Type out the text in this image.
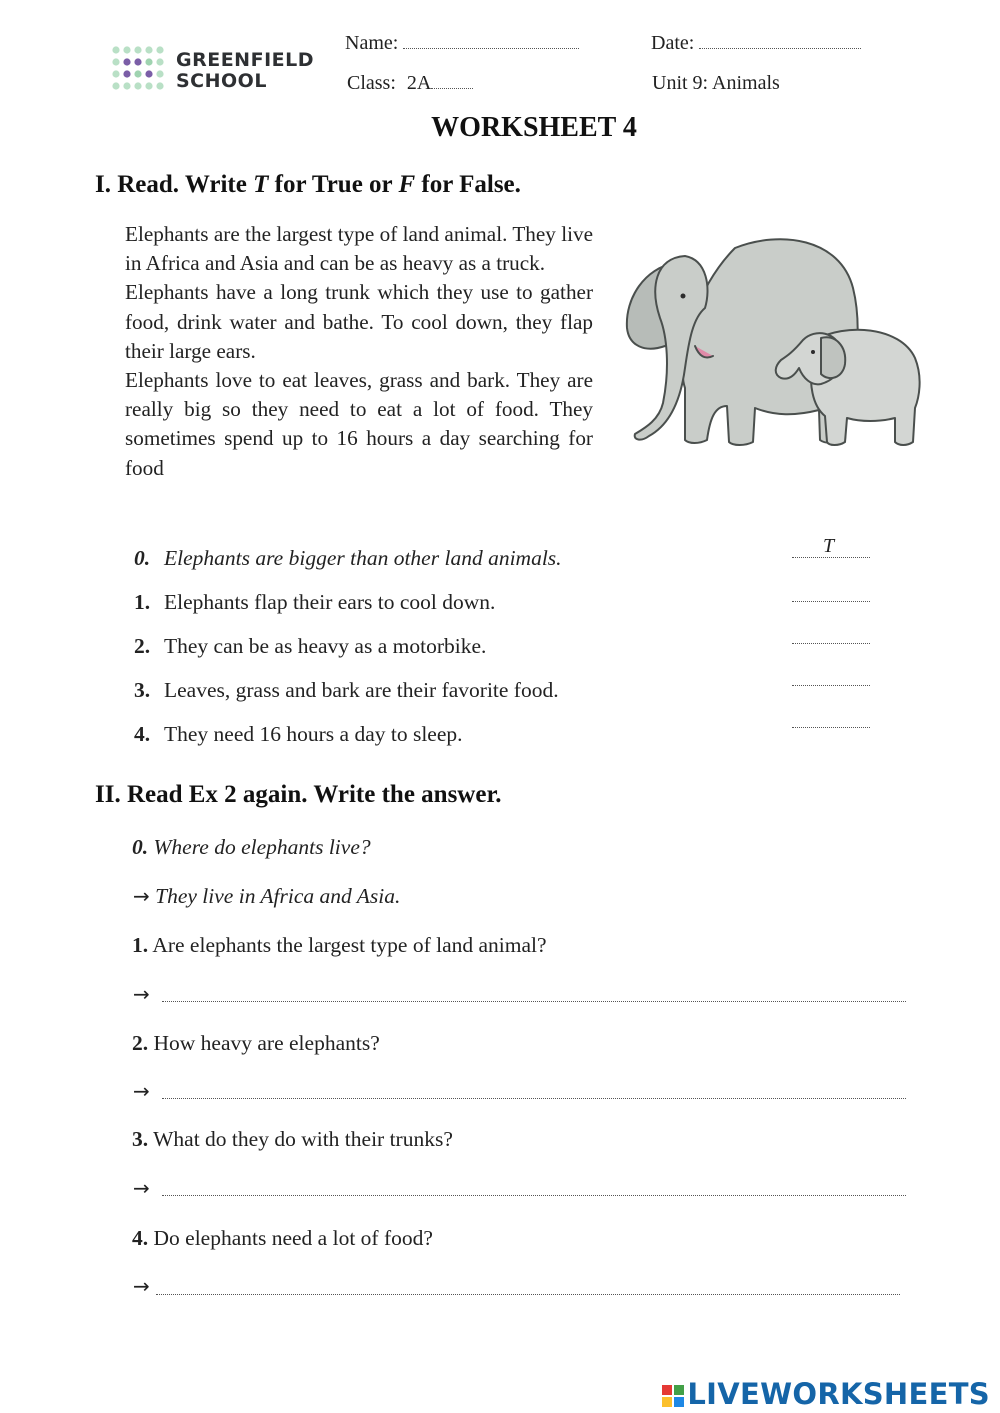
GREENFIELD
SCHOOL
Name:	Date:
Class: 2A	Unit 9: Animals
WORKSHEET 4
I. Read. Write T for True or F for False.

Elephants are the largest type of land animal. They live in Africa and Asia and can be as heavy as a truck.

Elephants have a long trunk which they use to gather food, drink water and bathe. To cool down, they flap their large ears.

Elephants love to eat leaves, grass and bark. They are really big so they need to eat a lot of food. They sometimes spend up to 16 hours a day searching for food

0. Elephants are bigger than other land animals.
1. Elephants flap their ears to cool down.
2. They can be as heavy as a motorbike.
3. Leaves, grass and bark are their favorite food.
4. They need 16 hours a day to sleep.
T
II. Read Ex 2 again. Write the answer.
0. Where do elephants live?
→ They live in Africa and Asia.
1. Are elephants the largest type of land animal?
→
2. How heavy are elephants?
→
3. What do they do with their trunks?
→
4. Do elephants need a lot of food?
→
LIVEWORKSHEETS
